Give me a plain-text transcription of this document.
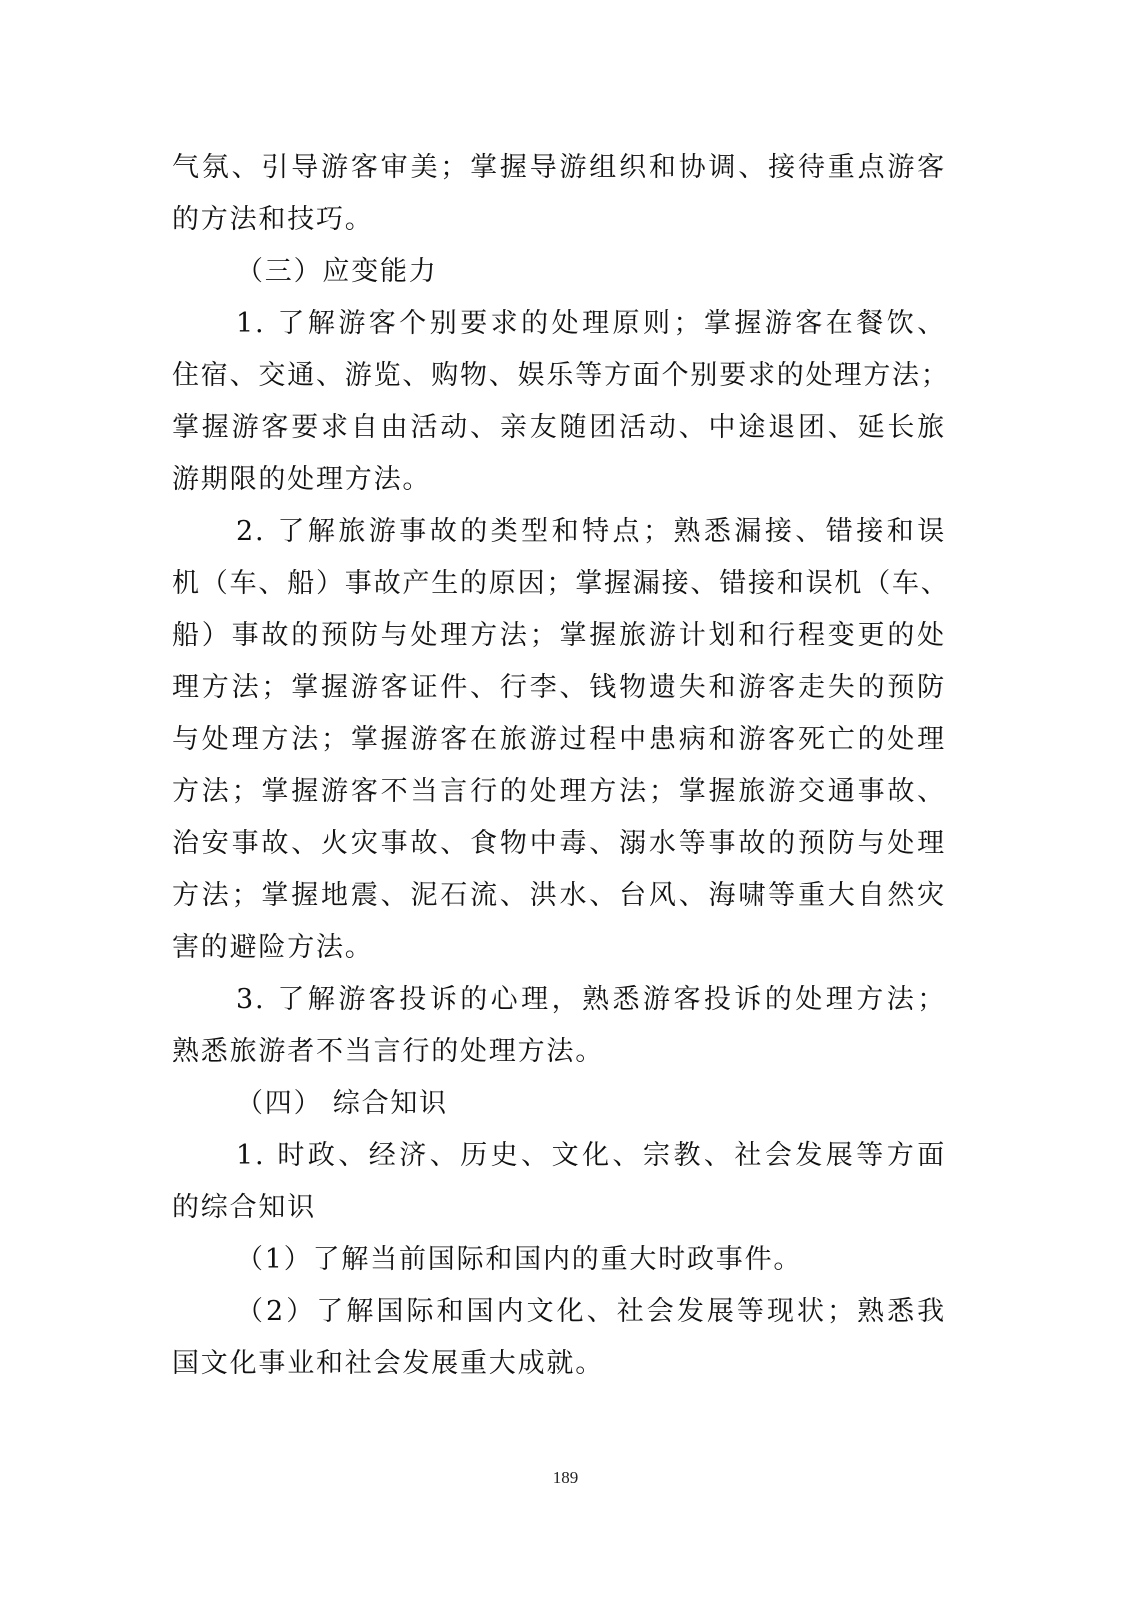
气氛、引导游客审美；掌握导游组织和协调、接待重点游客
的方法和技巧。
（三）应变能力
1. 了解游客个别要求的处理原则；掌握游客在餐饮、
住宿、交通、游览、购物、娱乐等方面个别要求的处理方法；
掌握游客要求自由活动、亲友随团活动、中途退团、延长旅
游期限的处理方法。
2. 了解旅游事故的类型和特点；熟悉漏接、错接和误
机（车、船）事故产生的原因；掌握漏接、错接和误机（车、
船）事故的预防与处理方法；掌握旅游计划和行程变更的处
理方法；掌握游客证件、行李、钱物遗失和游客走失的预防
与处理方法；掌握游客在旅游过程中患病和游客死亡的处理
方法；掌握游客不当言行的处理方法；掌握旅游交通事故、
治安事故、火灾事故、食物中毒、溺水等事故的预防与处理
方法；掌握地震、泥石流、洪水、台风、海啸等重大自然灾
害的避险方法。
3. 了解游客投诉的心理，熟悉游客投诉的处理方法；
熟悉旅游者不当言行的处理方法。
（四） 综合知识
1. 时政、经济、历史、文化、宗教、社会发展等方面
的综合知识
（1）了解当前国际和国内的重大时政事件。
（2）了解国际和国内文化、社会发展等现状；熟悉我
国文化事业和社会发展重大成就。
189
